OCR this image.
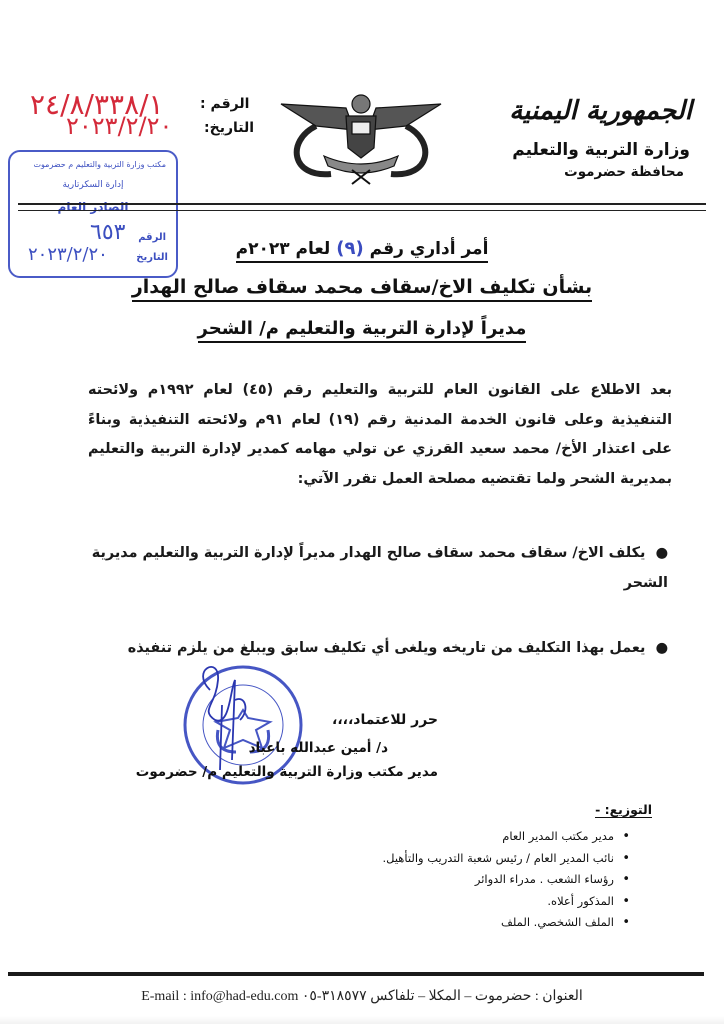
الجمهورية اليمنية
وزارة التربية والتعليم
محافظة حضرموت
الرقم :
٢٤/٨/٣٣٨/١
التاريخ:
٢٠٢٣/٢/٢٠
مكتب وزارة التربية والتعليم م حضرموت
إدارة السكرتارية
الصادر العام
الرقم
٦٥٣
التاريخ
٢٠٢٣/٢/٢٠	أمر أداري رقم (٩) لعام ٢٠٢٣م
بشأن تكليف الاخ/سقاف محمد سقاف صالح الهدار
مديراً لإدارة التربية والتعليم م/ الشحر
بعد الاطلاع على القانون العام للتربية والتعليم رقم (٤٥) لعام ١٩٩٢م ولائحته التنفيذية وعلى قانون الخدمة المدنية رقم (١٩) لعام ٩١م ولائحته التنفيذية وبناءً على اعتذار الأخ/ محمد سعيد القرزي عن تولي مهامه كمدير لإدارة التربية والتعليم بمديرية الشحر ولما تقتضيه مصلحة العمل تقرر الآتي:
●يكلف الاخ/ سقاف محمد سقاف صالح الهدار مديراً لإدارة التربية والتعليم مديرية الشحر
●يعمل بهذا التكليف من تاريخه ويلغى أي تكليف سابق ويبلغ من يلزم تنفيذه
حرر للاعتماد،،،،
د/ أمين عبدالله باعباد
مدير مكتب وزارة التربية والتعليم م/ حضرموت
التوزيع: -
• مدير مكتب المدير العام
• نائب المدير العام / رئيس شعبة التدريب والتأهيل.
• رؤساء الشعب . مدراء الدوائر
• المذكور أعلاه.
• الملف الشخصي. الملف
E-mail : info@had-edu.com العنوان : حضرموت – المكلا – تلفاكس ٣١٨٥٧٧-٠٥
